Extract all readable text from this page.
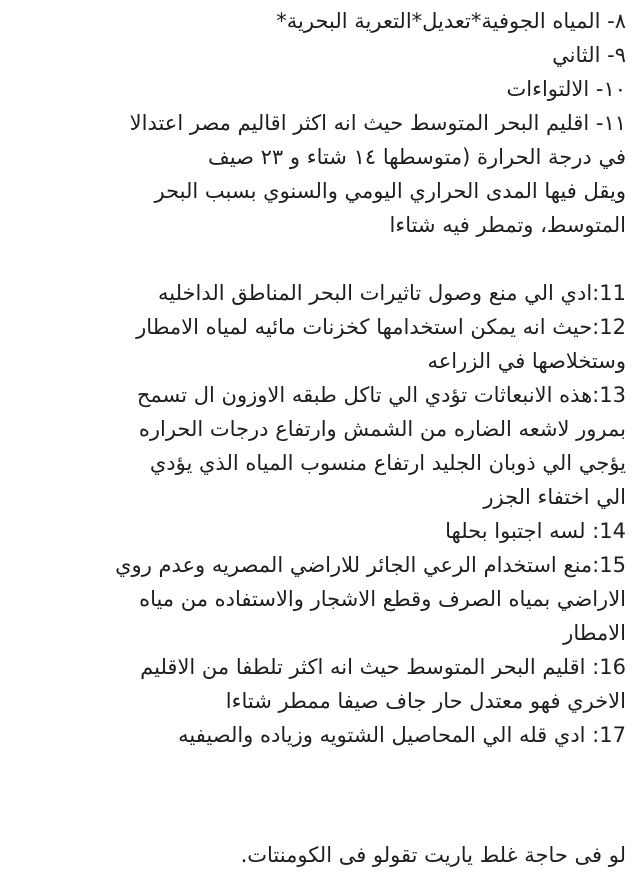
٨- المياه الجوفية*تعديل*التعرية البحرية*
٩- الثاني
١٠- الالتواءات
١١- اقليم البحر المتوسط حيث انه اكثر اقاليم مصر اعتدالا
في درجة الحرارة (متوسطها ١٤ شتاء و ٢٣ صيف
ويقل فيها المدى الحراري اليومي والسنوي بسبب البحر
المتوسط، وتمطر فيه شتاءا
11:ادي الي منع وصول تاثيرات البحر المناطق الداخليه
12:حيث انه يمكن استخدامها كخزنات مائيه لمياه الامطار
وستخلاصها في الزراعه
13:هذه الانبعاثات تؤدي الي تاكل طبقه الاوزون ال تسمح
بمرور لاشعه الضاره من الشمش وارتفاع درجات الحراره
يؤجي الي ذوبان الجليد ارتفاع منسوب المياه الذي يؤدي
الي اختفاء الجزر
14: لسه اجتبوا بحلها
15:منع استخدام الرعي الجائر للاراضي المصريه وعدم روي
الاراضي بمياه الصرف وقطع الاشجار والاستفاده من مياه
الامطار
16: اقليم البحر المتوسط حيث انه اكثر تلطفا من الاقليم
الاخري فهو معتدل حار جاف صيفا ممطر شتاءا
17: ادي قله الي المحاصيل الشتويه وزياده والصيفيه
لو فى حاجة غلط ياريت تقولو فى الكومنتات.
